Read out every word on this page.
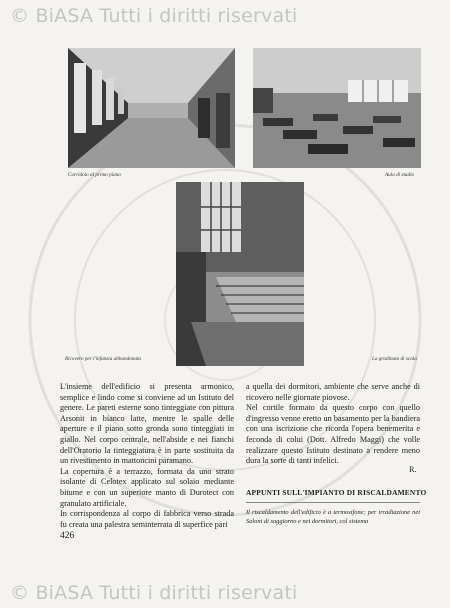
© BiASA Tutti i diritti riservati
Corridoio al primo piano	Aula di studio
Ricovero per l'infanzia abbandonata	La gradinata di scala

L'insieme dell'edificio si presenta armonico, semplice e lindo come si conviene ad un Istituto del genere. Le pareti esterne sono tinteggiate con pittura Arsonit in bianco latte, mentre le spalle delle aperture e il piano sotto gronda sono tinteggiati in giallo. Nel corpo centrale, nell'abside e nei fianchi dell'Oratorio la tinteggiatura è in parte sostituita da un rivestimento in mattoncini paramano.

La copertura è a terrazzo, formata da uno strato isolante di Celotex applicato sul solaio mediante bitume e con un superiore manto di Durotect con granulato artificiale.

In corrispondenza al corpo di fabbrica verso strada fu creata una palestra seminterrata di superfice pari

a quella dei dormitori, ambiente che serve anche di ricovero nelle giornate piovose.

Nel cortile formato da questo corpo con quello d'ingresso venne eretto un basamento per la bandiera con una iscrizione che ricorda l'opera benemerita e feconda di colui (Dott. Alfredo Maggi) che volle realizzare questo Istituto destinato a rendere meno dura la sorte di tanti infelici.

R.
APPUNTI SULL'IMPIANTO DI RISCALDAMENTO
Il riscaldamento dell'edificio è a termosifone; per irradiazione nei Saloni di soggiorno e nei dormitori, col sistema
426
© BiASA Tutti i diritti riservati
